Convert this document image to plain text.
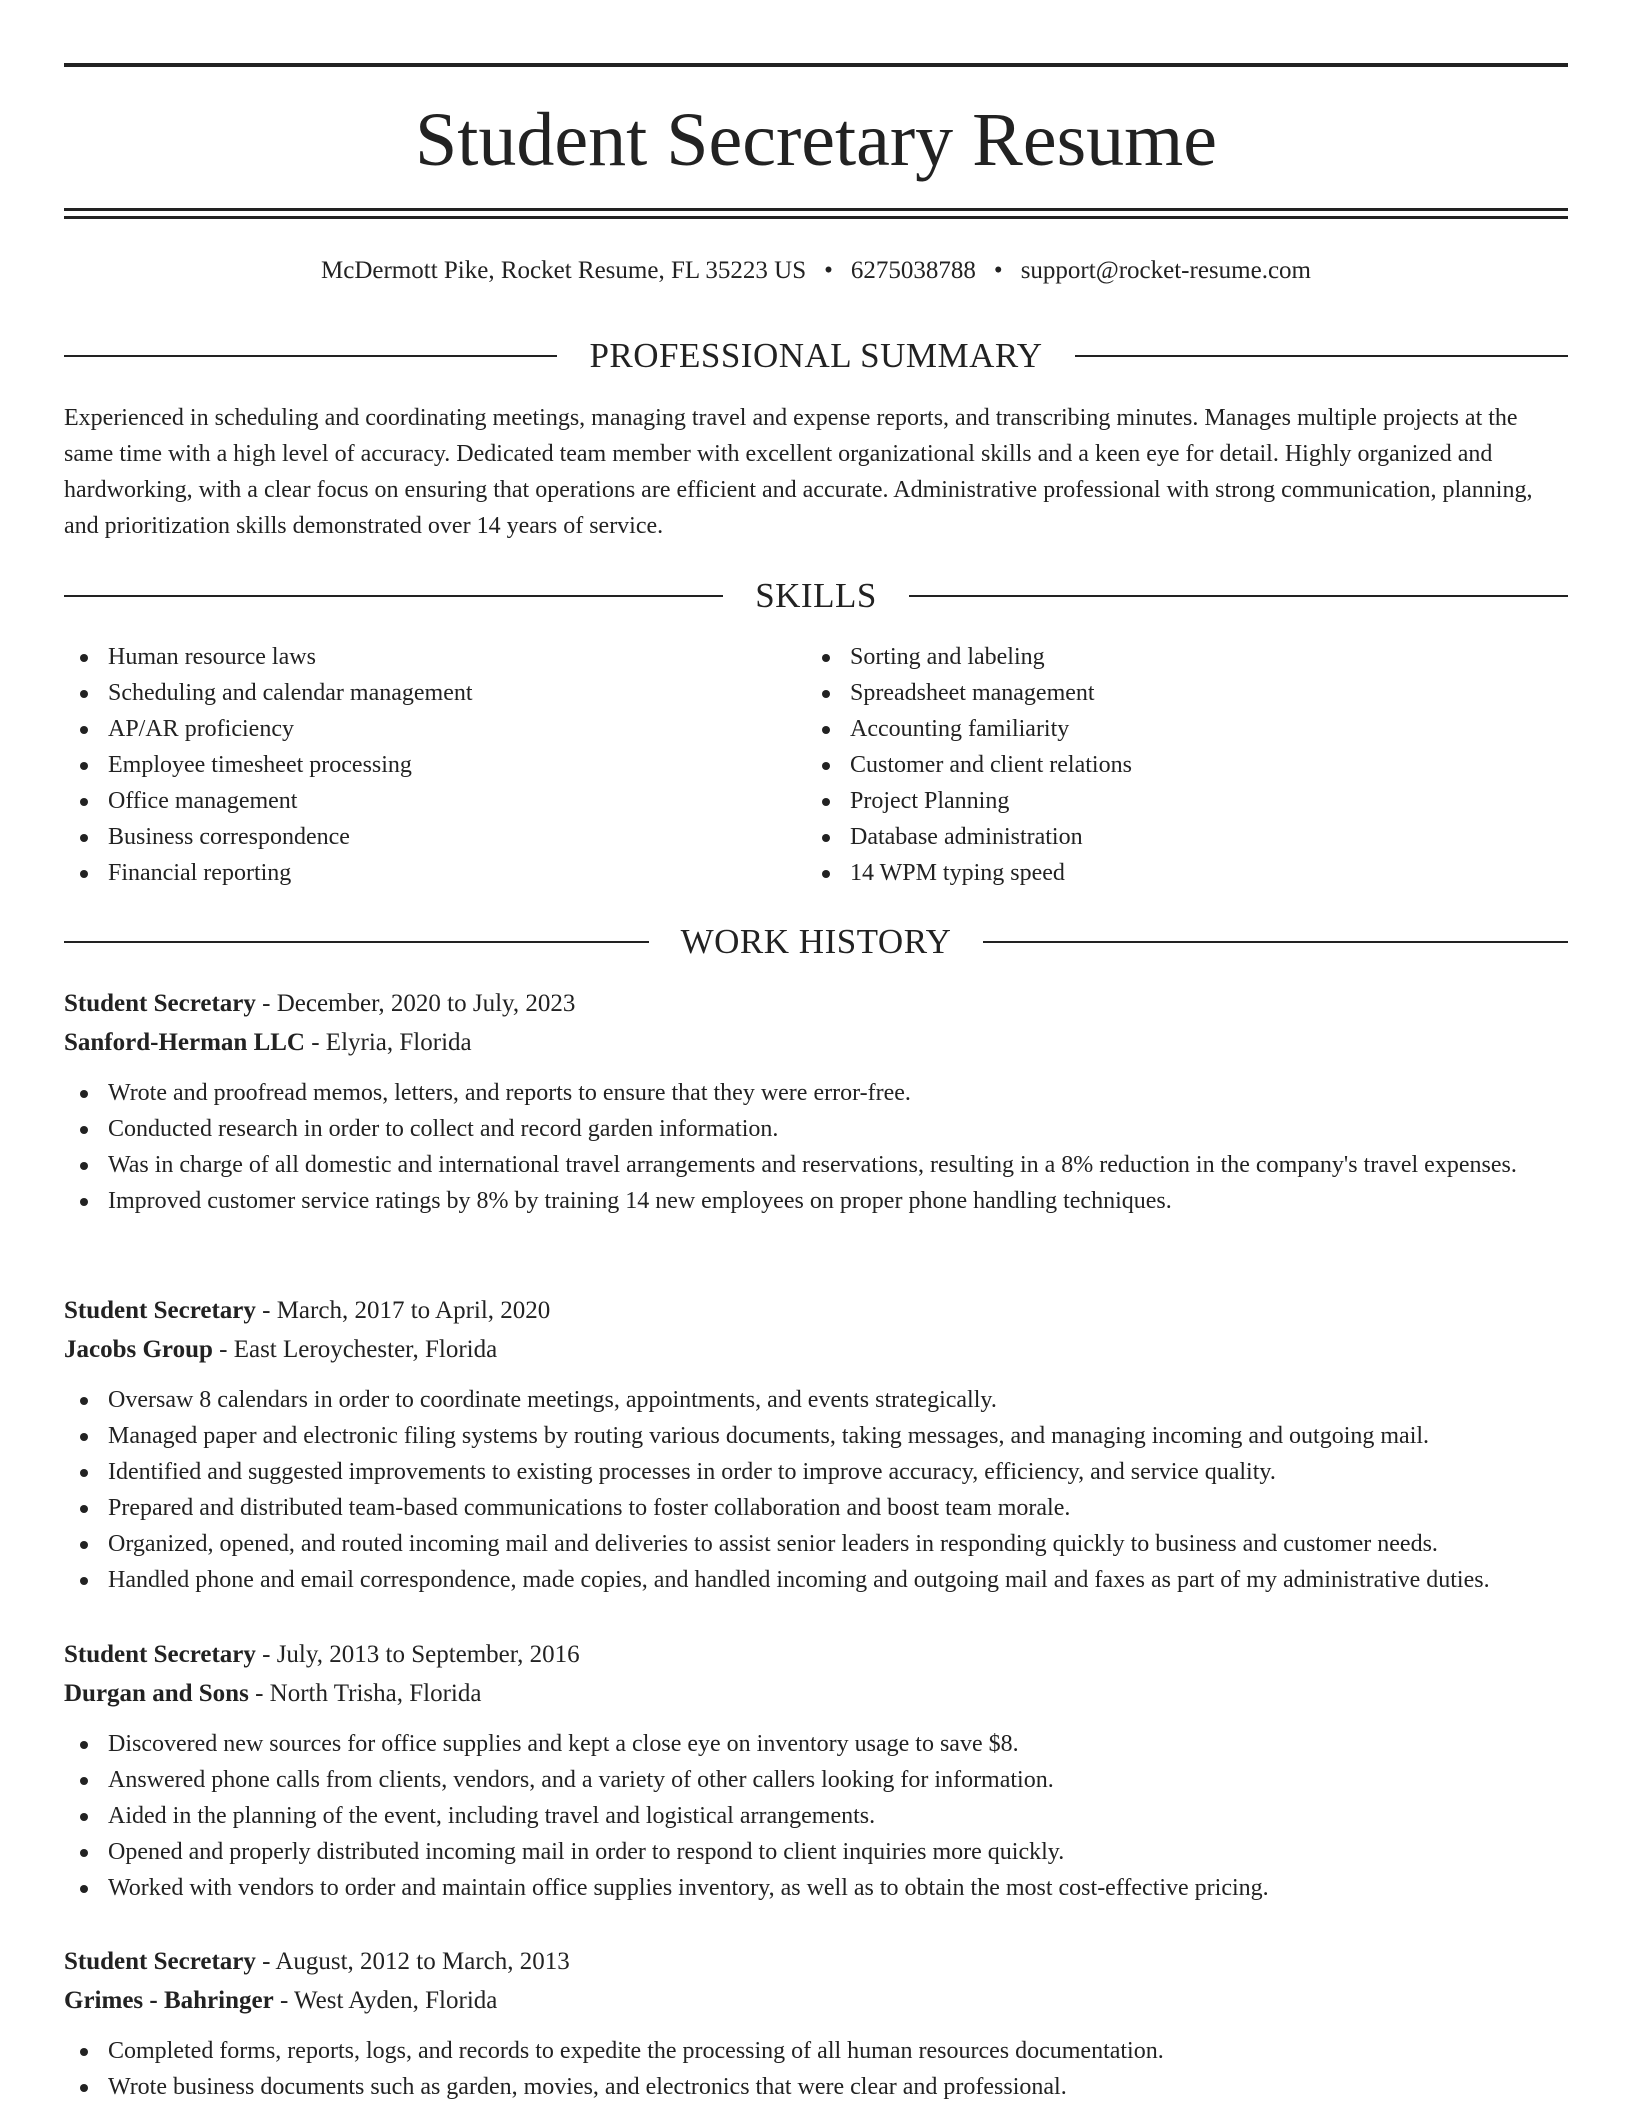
Student Secretary Resume
McDermott Pike, Rocket Resume, FL 35223 US • 6275038788 • support@rocket-resume.com
PROFESSIONAL SUMMARY

Experienced in scheduling and coordinating meetings, managing travel and expense reports, and transcribing minutes. Manages multiple projects at the same time with a high level of accuracy. Dedicated team member with excellent organizational skills and a keen eye for detail. Highly organized and hardworking, with a clear focus on ensuring that operations are efficient and accurate. Administrative professional with strong communication, planning, and prioritization skills demonstrated over 14 years of service.

SKILLS
Human resource laws
Scheduling and calendar management
AP/AR proficiency
Employee timesheet processing
Office management
Business correspondence
Financial reporting
Sorting and labeling
Spreadsheet management
Accounting familiarity
Customer and client relations
Project Planning
Database administration
14 WPM typing speed
WORK HISTORY
Student Secretary - December, 2020 to July, 2023
Sanford-Herman LLC - Elyria, Florida
Wrote and proofread memos, letters, and reports to ensure that they were error-free.
Conducted research in order to collect and record garden information.
Was in charge of all domestic and international travel arrangements and reservations, resulting in a 8% reduction in the company's travel expenses.
Improved customer service ratings by 8% by training 14 new employees on proper phone handling techniques.
Student Secretary - March, 2017 to April, 2020
Jacobs Group - East Leroychester, Florida
Oversaw 8 calendars in order to coordinate meetings, appointments, and events strategically.
Managed paper and electronic filing systems by routing various documents, taking messages, and managing incoming and outgoing mail.
Identified and suggested improvements to existing processes in order to improve accuracy, efficiency, and service quality.
Prepared and distributed team-based communications to foster collaboration and boost team morale.
Organized, opened, and routed incoming mail and deliveries to assist senior leaders in responding quickly to business and customer needs.
Handled phone and email correspondence, made copies, and handled incoming and outgoing mail and faxes as part of my administrative duties.
Student Secretary - July, 2013 to September, 2016
Durgan and Sons - North Trisha, Florida
Discovered new sources for office supplies and kept a close eye on inventory usage to save $8.
Answered phone calls from clients, vendors, and a variety of other callers looking for information.
Aided in the planning of the event, including travel and logistical arrangements.
Opened and properly distributed incoming mail in order to respond to client inquiries more quickly.
Worked with vendors to order and maintain office supplies inventory, as well as to obtain the most cost-effective pricing.
Student Secretary - August, 2012 to March, 2013
Grimes - Bahringer - West Ayden, Florida
Completed forms, reports, logs, and records to expedite the processing of all human resources documentation.
Wrote business documents such as garden, movies, and electronics that were clear and professional.
